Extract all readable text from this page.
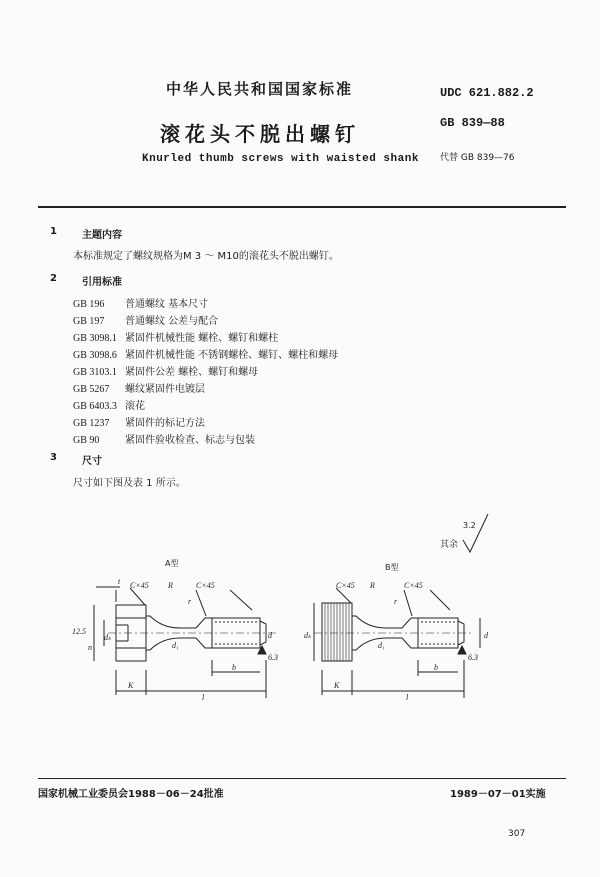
中华人民共和国国家标准	UDC 621.882.2
GB 839—88
代替 GB 839—76
滚花头不脱出螺钉
Knurled thumb screws with waisted shank
1	主题内容
本标准规定了螺纹规格为M 3 ～ M10的滚花头不脱出螺钉。
2	引用标准
GB 196 普通螺纹 基本尺寸
GB 197 普通螺纹 公差与配合
GB 3098.1 紧固件机械性能 螺栓、螺钉和螺柱
GB 3098.6 紧固件机械性能 不锈钢螺栓、螺钉、螺柱和螺母
GB 3103.1 紧固件公差 螺栓、螺钉和螺母
GB 5267 螺纹紧固件电镀层
GB 6403.3 滚花
GB 1237 紧固件的标记方法
GB 90	紧固件验收检查、标志与包装
3	尺寸
尺寸如下图及表 1 所示。
其余
3.2
A型	B型
t C×45 R
r
C×45
12.5
n
dₖ
d₁
d
b
K
l
6.3
C×45 R
r
C×45
dₖ
d₁
d
b
K
l
6.3
国家机械工业委员会1988－06－24批准	1989－07－01实施
307
